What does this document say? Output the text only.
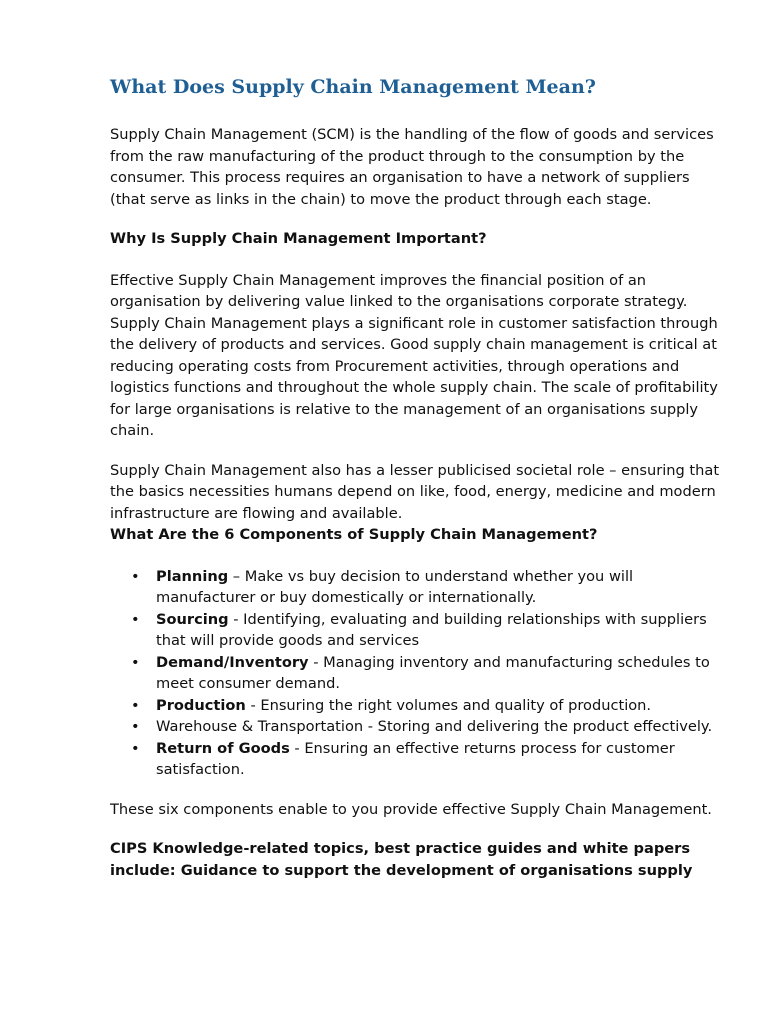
What Does Supply Chain Management Mean?

Supply Chain Management (SCM) is the handling of the flow of goods and services from the raw manufacturing of the product through to the consumption by the consumer. This process requires an organisation to have a network of suppliers (that serve as links in the chain) to move the product through each stage.

Why Is Supply Chain Management Important?

Effective Supply Chain Management improves the financial position of an organisation by delivering value linked to the organisations corporate strategy. Supply Chain Management plays a significant role in customer satisfaction through the delivery of products and services. Good supply chain management is critical at reducing operating costs from Procurement activities, through operations and logistics functions and throughout the whole supply chain. The scale of profitability for large organisations is relative to the management of an organisations supply chain.

Supply Chain Management also has a lesser publicised societal role – ensuring that the basics necessities humans depend on like, food, energy, medicine and modern infrastructure are flowing and available.

What Are the 6 Components of Supply Chain Management?
• Planning – Make vs buy decision to understand whether you will manufacturer or buy domestically or internationally.
• Sourcing - Identifying, evaluating and building relationships with suppliers that will provide goods and services
• Demand/Inventory - Managing inventory and manufacturing schedules to meet consumer demand.
• Production - Ensuring the right volumes and quality of production.
• Warehouse & Transportation - Storing and delivering the product effectively.
• Return of Goods - Ensuring an effective returns process for customer satisfaction.

These six components enable to you provide effective Supply Chain Management.

CIPS Knowledge-related topics, best practice guides and white papers include: Guidance to support the development of organisations supply
